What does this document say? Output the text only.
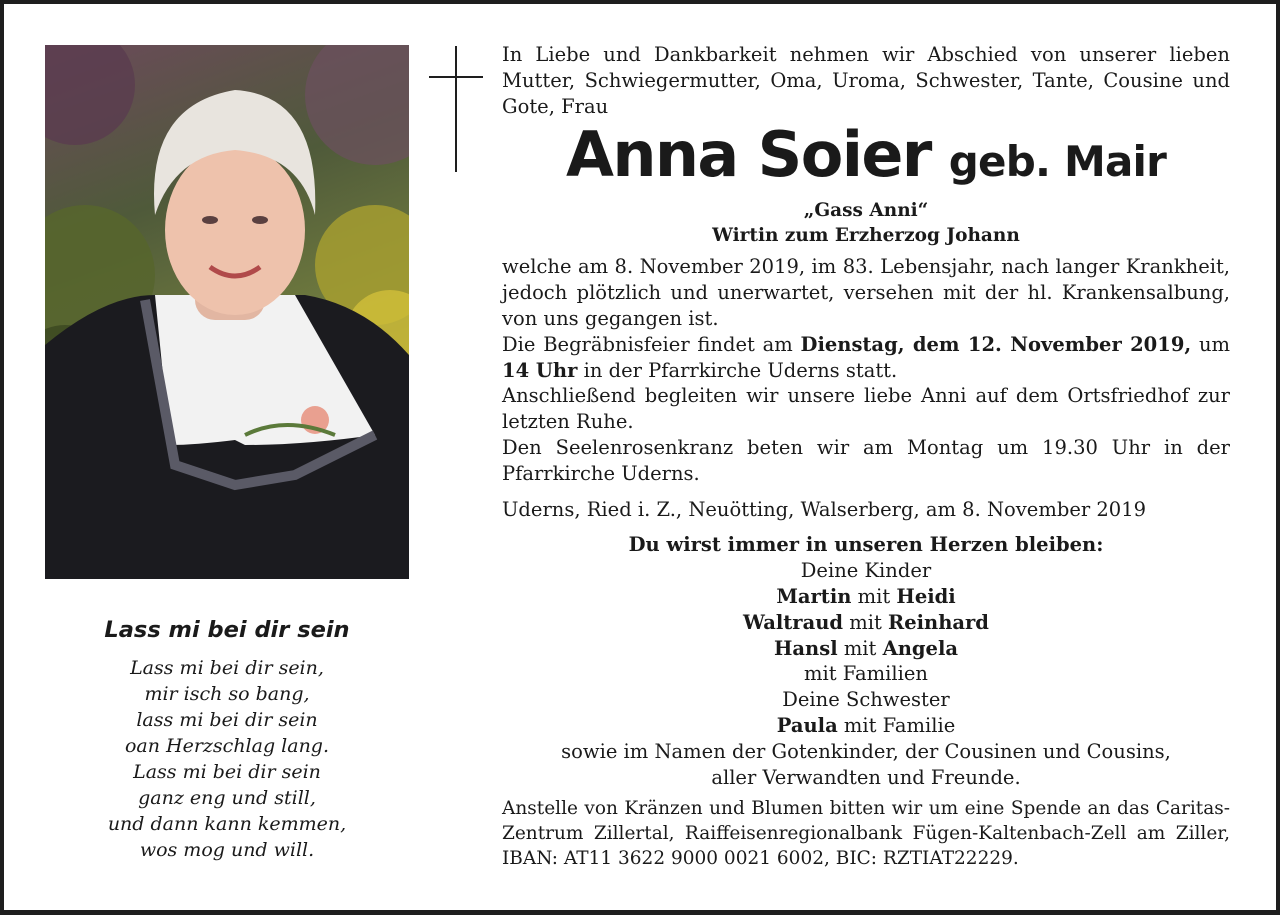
In Liebe und Dankbarkeit nehmen wir Abschied von unserer lieben Mutter, Schwiegermutter, Oma, Uroma, Schwester, Tante, Cousine und Gote, Frau

Anna Soier geb. Mair

„Gass Anni“

Wirtin zum Erzherzog Johann

welche am 8. November 2019, im 83. Lebensjahr, nach langer Krankheit, jedoch plötzlich und unerwartet, versehen mit der hl. Krankensalbung, von uns gegangen ist.

Die Begräbnisfeier findet am Dienstag, dem 12. November 2019, um 14 Uhr in der Pfarrkirche Uderns statt.

Anschließend begleiten wir unsere liebe Anni auf dem Ortsfriedhof zur letzten Ruhe.

Den Seelenrosenkranz beten wir am Montag um 19.30 Uhr in der Pfarrkirche Uderns.

Uderns, Ried i. Z., Neuötting, Walserberg, am 8. November 2019

Du wirst immer in unseren Herzen bleiben:

Deine Kinder

Martin mit Heidi

Waltraud mit Reinhard

Hansl mit Angela

mit Familien

Deine Schwester

Paula mit Familie

sowie im Namen der Gotenkinder, der Cousinen und Cousins,

aller Verwandten und Freunde.

Anstelle von Kränzen und Blumen bitten wir um eine Spende an das Caritas-Zentrum Zillertal, Raiffeisenregionalbank Fügen-Kaltenbach-Zell am Ziller, IBAN: AT11 3622 9000 0021 6002, BIC: RZTIAT22229.

Lass mi bei dir sein

Lass mi bei dir sein,
mir isch so bang,
lass mi bei dir sein
oan Herzschlag lang.
Lass mi bei dir sein
ganz eng und still,
und dann kann kemmen,
wos mog und will.
